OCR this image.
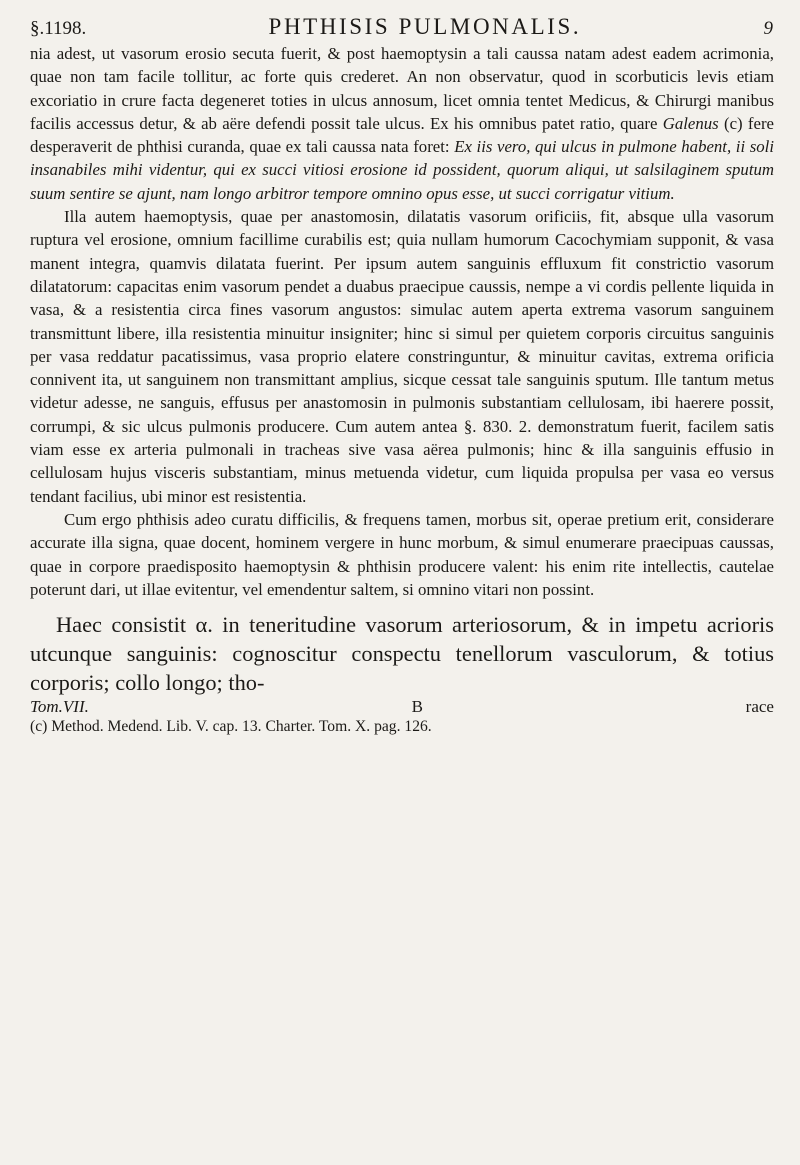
§.1198.	PHTHISIS PULMONALIS.	9

nia adest, ut vasorum erosio secuta fuerit, & post haemoptysin a tali caussa natam adest eadem acrimonia, quae non tam facile tollitur, ac forte quis crederet. An non observatur, quod in scorbuticis levis etiam excoriatio in crure facta degeneret toties in ulcus annosum, licet omnia tentet Medicus, & Chirurgi manibus facilis accessus detur, & ab aëre defendi possit tale ulcus. Ex his omnibus patet ratio, quare Galenus (c) fere desperaverit de phthisi curanda, quae ex tali caussa nata foret: Ex iis vero, qui ulcus in pulmone habent, ii soli insanabiles mihi videntur, qui ex succi vitiosi erosione id possident, quorum aliqui, ut salsilaginem sputum suum sentire se ajunt, nam longo arbitror tempore omnino opus esse, ut succi corrigatur vitium.

Illa autem haemoptysis, quae per anastomosin, dilatatis vasorum orificiis, fit, absque ulla vasorum ruptura vel erosione, omnium facillime curabilis est; quia nullam humorum Cacochymiam supponit, & vasa manent integra, quamvis dilatata fuerint. Per ipsum autem sanguinis effluxum fit constrictio vasorum dilatatorum: capacitas enim vasorum pendet a duabus praecipue caussis, nempe a vi cordis pellente liquida in vasa, & a resistentia circa fines vasorum angustos: simulac autem aperta extrema vasorum sanguinem transmittunt libere, illa resistentia minuitur insigniter; hinc si simul per quietem corporis circuitus sanguinis per vasa reddatur pacatissimus, vasa proprio elatere constringuntur, & minuitur cavitas, extrema orificia connivent ita, ut sanguinem non transmittant amplius, sicque cessat tale sanguinis sputum. Ille tantum metus videtur adesse, ne sanguis, effusus per anastomosin in pulmonis substantiam cellulosam, ibi haerere possit, corrumpi, & sic ulcus pulmonis producere. Cum autem antea §. 830. 2. demonstratum fuerit, facilem satis viam esse ex arteria pulmonali in tracheas sive vasa aërea pulmonis; hinc & illa sanguinis effusio in cellulosam hujus visceris substantiam, minus metuenda videtur, cum liquida propulsa per vasa eo versus tendant facilius, ubi minor est resistentia.

Cum ergo phthisis adeo curatu difficilis, & frequens tamen, morbus sit, operae pretium erit, considerare accurate illa signa, quae docent, hominem vergere in hunc morbum, & simul enumerare praecipuas caussas, quae in corpore praedisposito haemoptysin & phthisin producere valent: his enim rite intellectis, cautelae poterunt dari, ut illae evitentur, vel emendentur saltem, si omnino vitari non possint.

Haec consistit α. in teneritudine vasorum arteriosorum, & in impetu acrioris utcunque sanguinis: cognoscitur conspectu tenellorum vasculorum, & totius corporis; collo longo; tho-

Tom.VII.	B	race
(c) Method. Medend. Lib. V. cap. 13. Charter. Tom. X. pag. 126.
